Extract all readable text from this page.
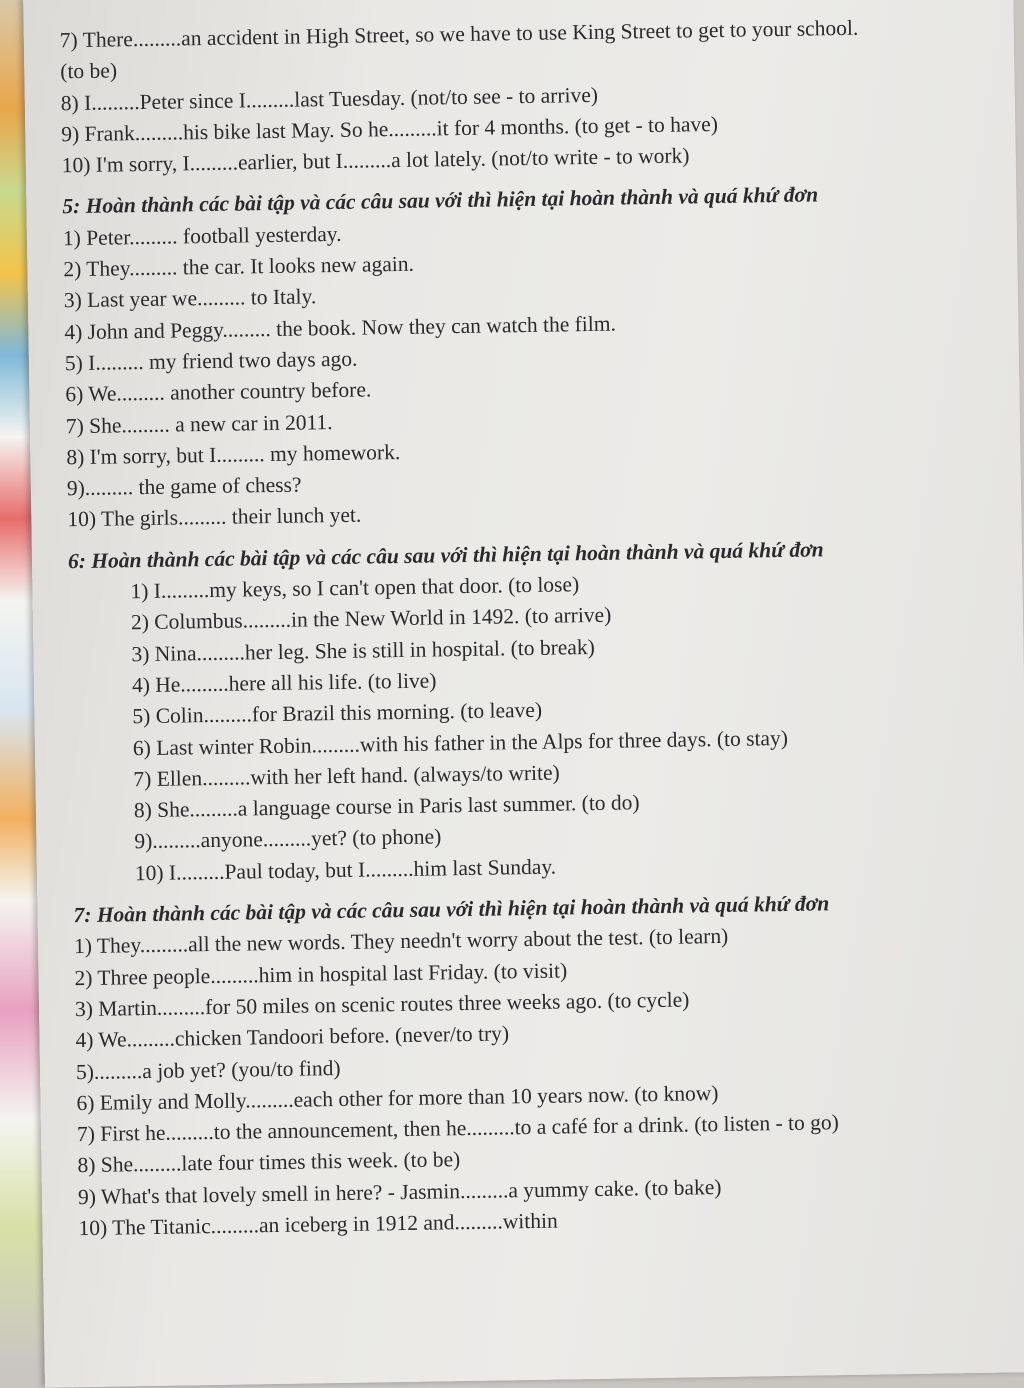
7) There.........an accident in High Street, so we have to use King Street to get to your school.
(to be)
8) I.........Peter since I.........last Tuesday. (not/to see - to arrive)
9) Frank.........his bike last May. So he.........it for 4 months. (to get - to have)
10) I'm sorry, I.........earlier, but I.........a lot lately. (not/to write - to work)
5: Hoàn thành các bài tập và các câu sau với thì hiện tại hoàn thành và quá khứ đơn
1) Peter......... football yesterday.
2) They......... the car. It looks new again.
3) Last year we......... to Italy.
4) John and Peggy......... the book. Now they can watch the film.
5) I......... my friend two days ago.
6) We......... another country before.
7) She......... a new car in 2011.
8) I'm sorry, but I......... my homework.
9)......... the game of chess?
10) The girls......... their lunch yet.
6: Hoàn thành các bài tập và các câu sau với thì hiện tại hoàn thành và quá khứ đơn
1) I.........my keys, so I can't open that door. (to lose)
2) Columbus.........in the New World in 1492. (to arrive)
3) Nina.........her leg. She is still in hospital. (to break)
4) He.........here all his life. (to live)
5) Colin.........for Brazil this morning. (to leave)
6) Last winter Robin.........with his father in the Alps for three days. (to stay)
7) Ellen.........with her left hand. (always/to write)
8) She.........a language course in Paris last summer. (to do)
9).........anyone.........yet? (to phone)
10) I.........Paul today, but I.........him last Sunday.
7: Hoàn thành các bài tập và các câu sau với thì hiện tại hoàn thành và quá khứ đơn
1) They.........all the new words. They needn't worry about the test. (to learn)
2) Three people.........him in hospital last Friday. (to visit)
3) Martin.........for 50 miles on scenic routes three weeks ago. (to cycle)
4) We.........chicken Tandoori before. (never/to try)
5).........a job yet? (you/to find)
6) Emily and Molly.........each other for more than 10 years now. (to know)
7) First he.........to the announcement, then he.........to a café for a drink. (to listen - to go)
8) She.........late four times this week. (to be)
9) What's that lovely smell in here? - Jasmin.........a yummy cake. (to bake)
10) The Titanic.........an iceberg in 1912 and.........within
